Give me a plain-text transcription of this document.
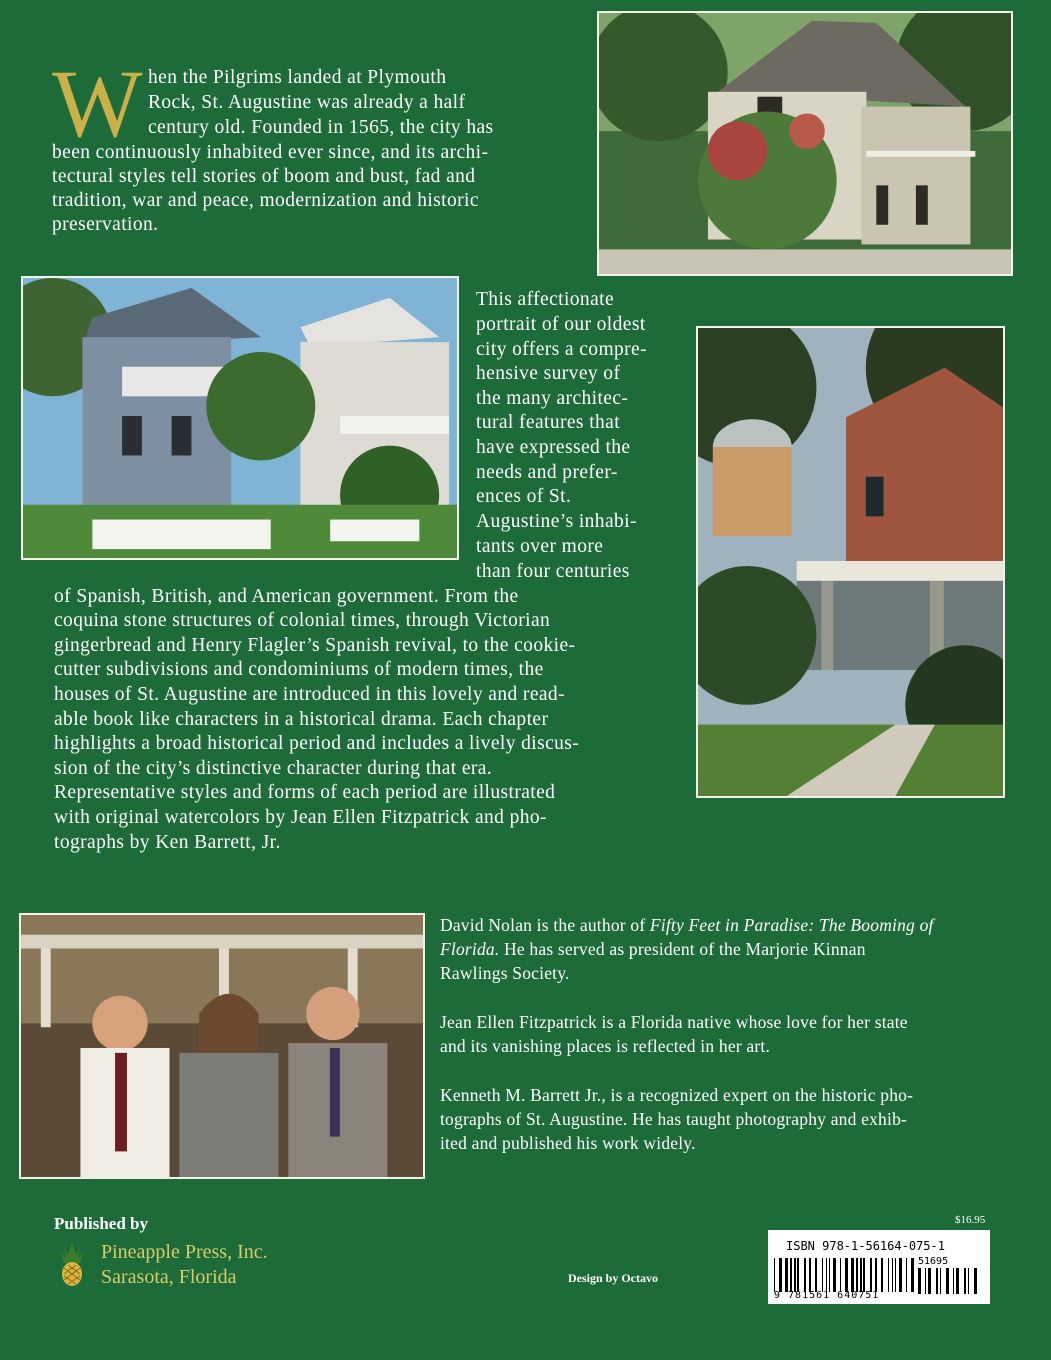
W hen the Pilgrims landed at Plymouth
Rock, St. Augustine was already a half
century old. Founded in 1565, the city has
been continuously inhabited ever since, and its archi-
tectural styles tell stories of boom and bust, fad and
tradition, war and peace, modernization and historic
preservation.
This affectionate
portrait of our oldest
city offers a compre-
hensive survey of
the many architec-
tural features that
have expressed the
needs and prefer-
ences of St.
Augustine’s inhabi-
tants over more
than four centuries
of Spanish, British, and American government. From the
coquina stone structures of colonial times, through Victorian
gingerbread and Henry Flagler’s Spanish revival, to the cookie-
cutter subdivisions and condominiums of modern times, the
houses of St. Augustine are introduced in this lovely and read-
able book like characters in a historical drama. Each chapter
highlights a broad historical period and includes a lively discus-
sion of the city’s distinctive character during that era.
Representative styles and forms of each period are illustrated
with original watercolors by Jean Ellen Fitzpatrick and pho-
tographs by Ken Barrett, Jr.

David Nolan is the author of Fifty Feet in Paradise: The Booming of
Florida. He has served as president of the Marjorie Kinnan
Rawlings Society.

Jean Ellen Fitzpatrick is a Florida native whose love for her state
and its vanishing places is reflected in her art.

Kenneth M. Barrett Jr., is a recognized expert on the historic pho-
tographs of St. Augustine. He has taught photography and exhib-
ited and published his work widely.

Published by
Pineapple Press, Inc.
Sarasota, Florida	Design by Octavo
$16.95
ISBN 978-1-56164-075-1
51695
9 781561 640751
